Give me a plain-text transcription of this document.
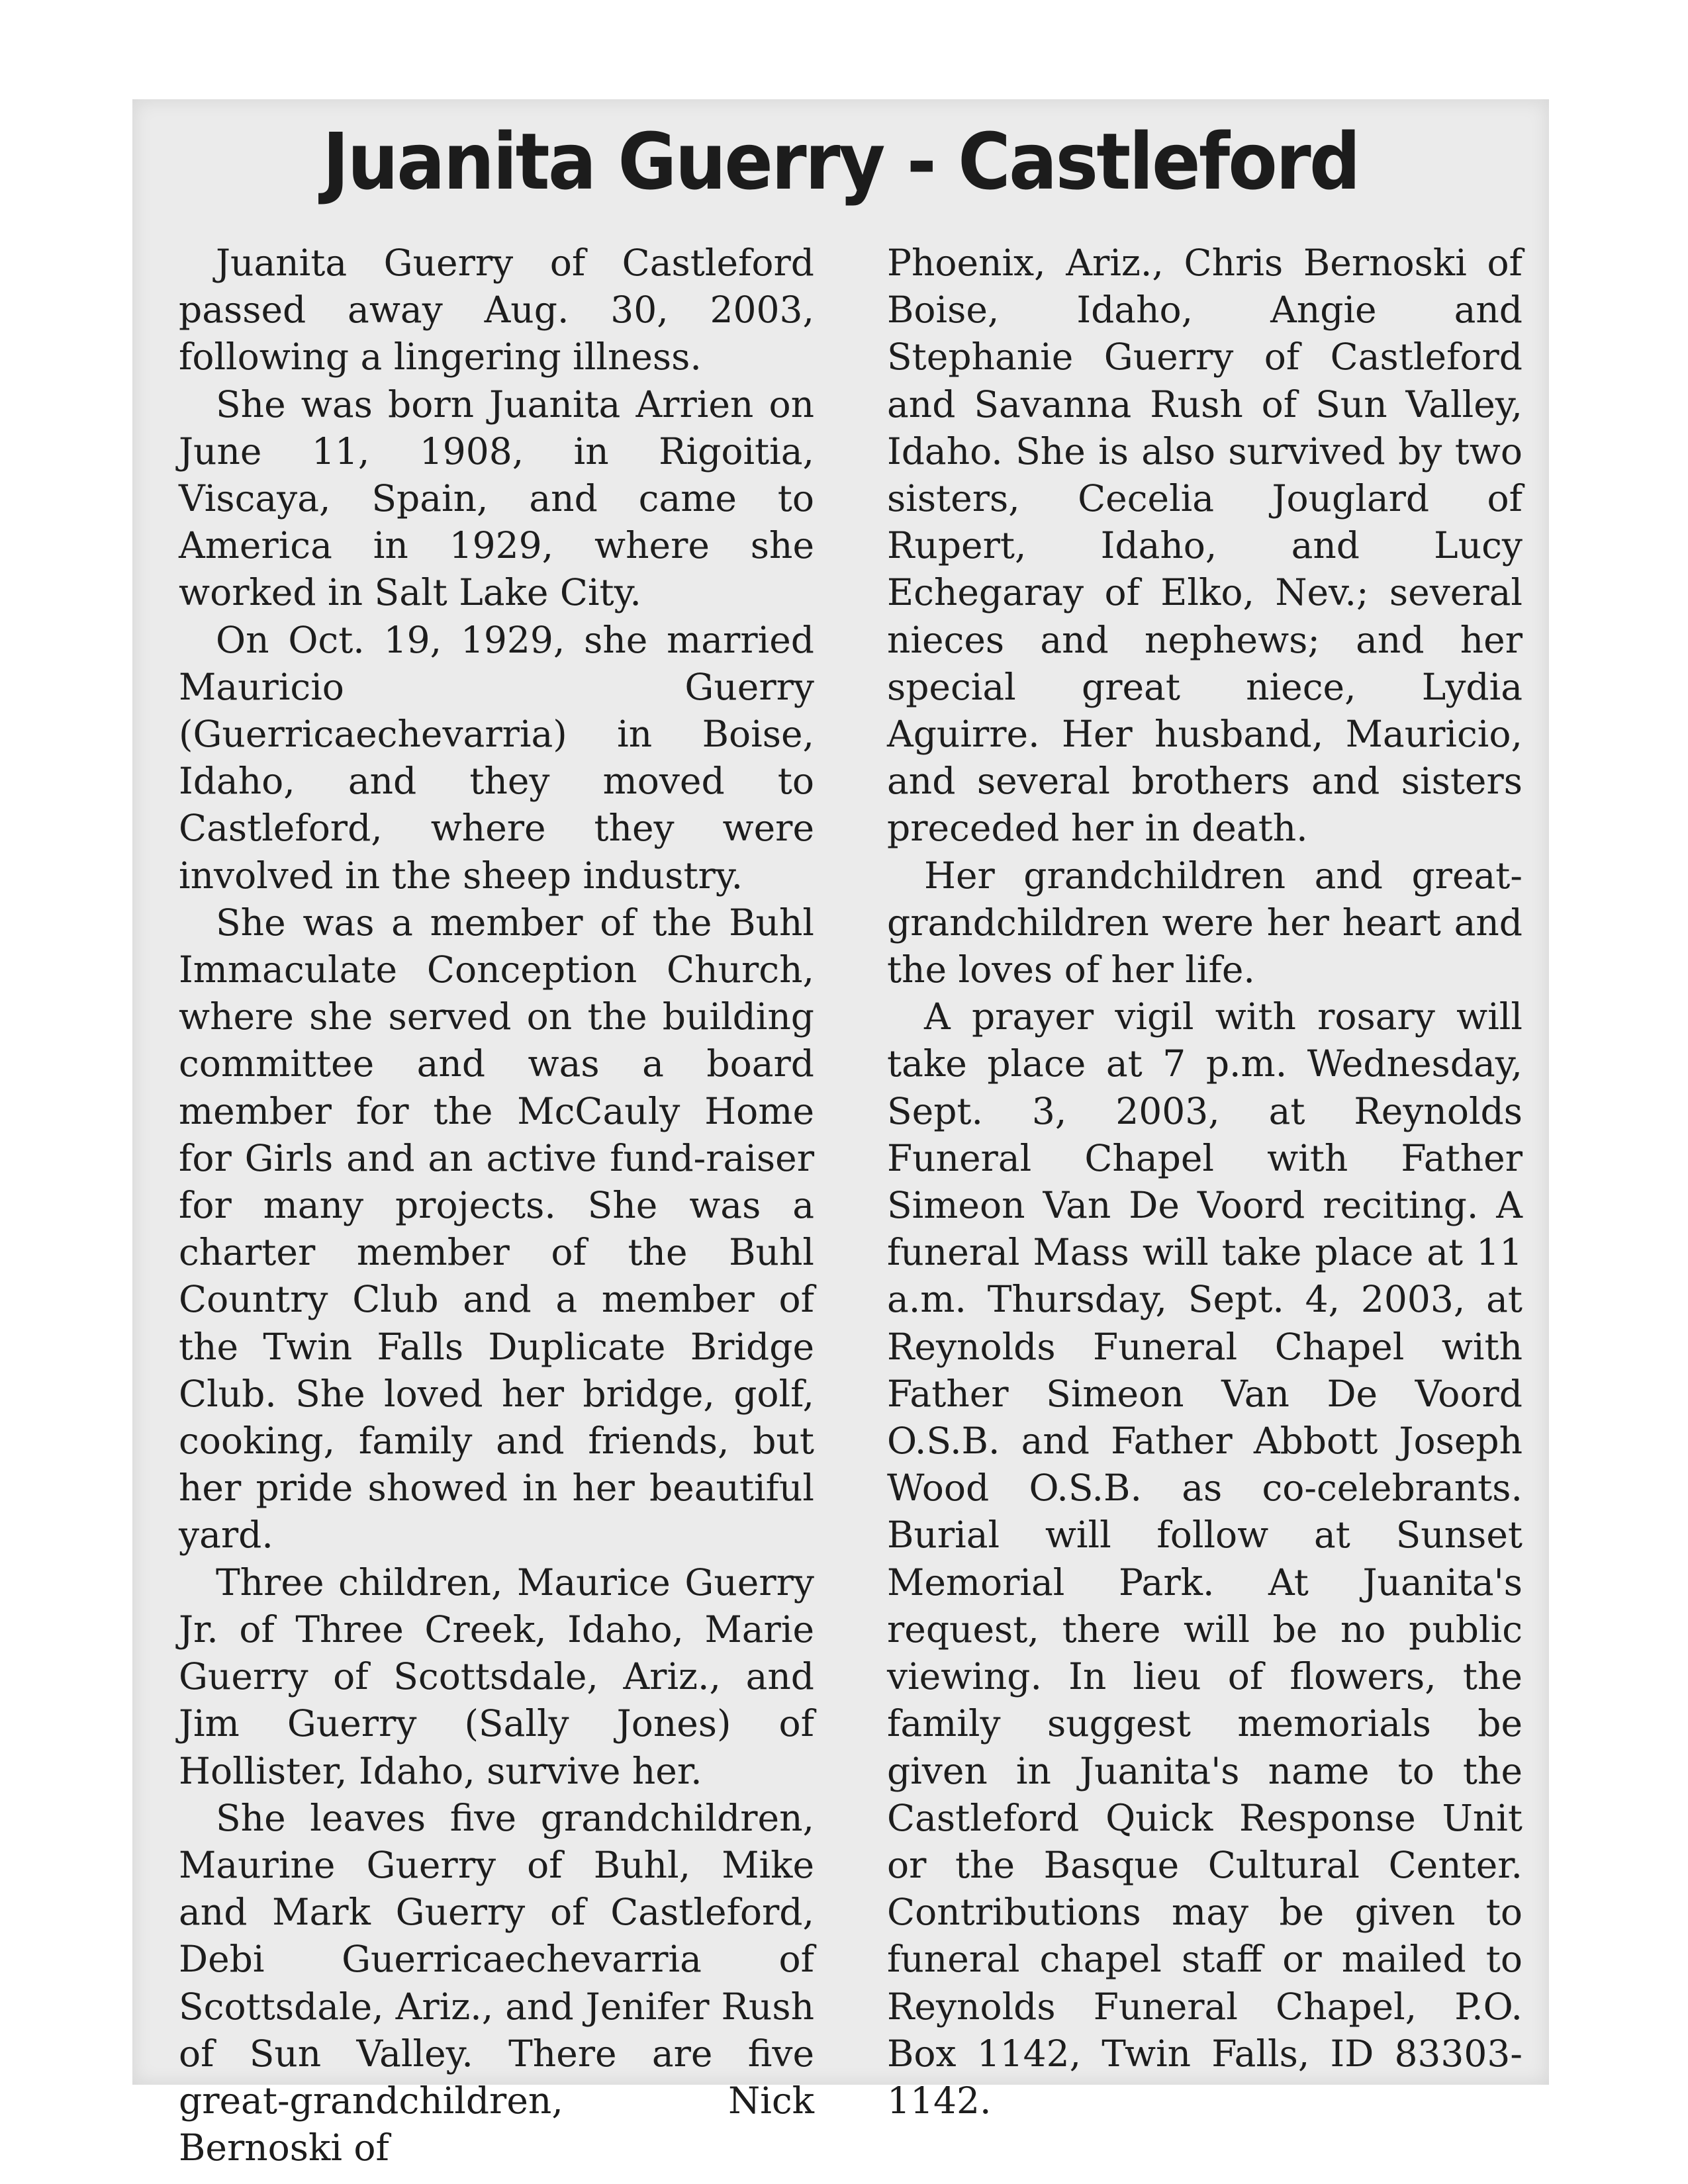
Juanita Guerry - Castleford

Juanita Guerry of Castleford passed away Aug. 30, 2003, following a lingering illness.

She was born Juanita Arrien on June 11, 1908, in Rigoitia, Viscaya, Spain, and came to America in 1929, where she worked in Salt Lake City.

On Oct. 19, 1929, she married Mauricio Guerry (Guerricaechevarria) in Boise, Idaho, and they moved to Castleford, where they were involved in the sheep industry.

She was a member of the Buhl Immaculate Conception Church, where she served on the building committee and was a board member for the McCauly Home for Girls and an active fund-raiser for many projects. She was a charter member of the Buhl Country Club and a member of the Twin Falls Duplicate Bridge Club. She loved her bridge, golf, cooking, family and friends, but her pride showed in her beautiful yard.

Three children, Maurice Guerry Jr. of Three Creek, Idaho, Marie Guerry of Scottsdale, Ariz., and Jim Guerry (Sally Jones) of Hollister, Idaho, survive her.

She leaves five grandchildren, Maurine Guerry of Buhl, Mike and Mark Guerry of Castleford, Debi Guerricaechevarria of Scottsdale, Ariz., and Jenifer Rush of Sun Valley. There are five great-grandchildren, Nick Bernoski of

Phoenix, Ariz., Chris Bernoski of Boise, Idaho, Angie and Stephanie Guerry of Castleford and Savanna Rush of Sun Valley, Idaho. She is also survived by two sisters, Cecelia Jouglard of Rupert, Idaho, and Lucy Echegaray of Elko, Nev.; several nieces and nephews; and her special great niece, Lydia Aguirre. Her husband, Mauricio, and several brothers and sisters preceded her in death.

Her grandchildren and great-grandchildren were her heart and the loves of her life.

A prayer vigil with rosary will take place at 7 p.m. Wednesday, Sept. 3, 2003, at Reynolds Funeral Chapel with Father Simeon Van De Voord reciting. A funeral Mass will take place at 11 a.m. Thursday, Sept. 4, 2003, at Reynolds Funeral Chapel with Father Simeon Van De Voord O.S.B. and Father Abbott Joseph Wood O.S.B. as co-celebrants. Burial will follow at Sunset Memorial Park. At Juanita's request, there will be no public viewing. In lieu of flowers, the family suggest memorials be given in Juanita's name to the Castleford Quick Response Unit or the Basque Cultural Center. Contributions may be given to funeral chapel staff or mailed to Reynolds Funeral Chapel, P.O. Box 1142, Twin Falls, ID 83303-1142.
